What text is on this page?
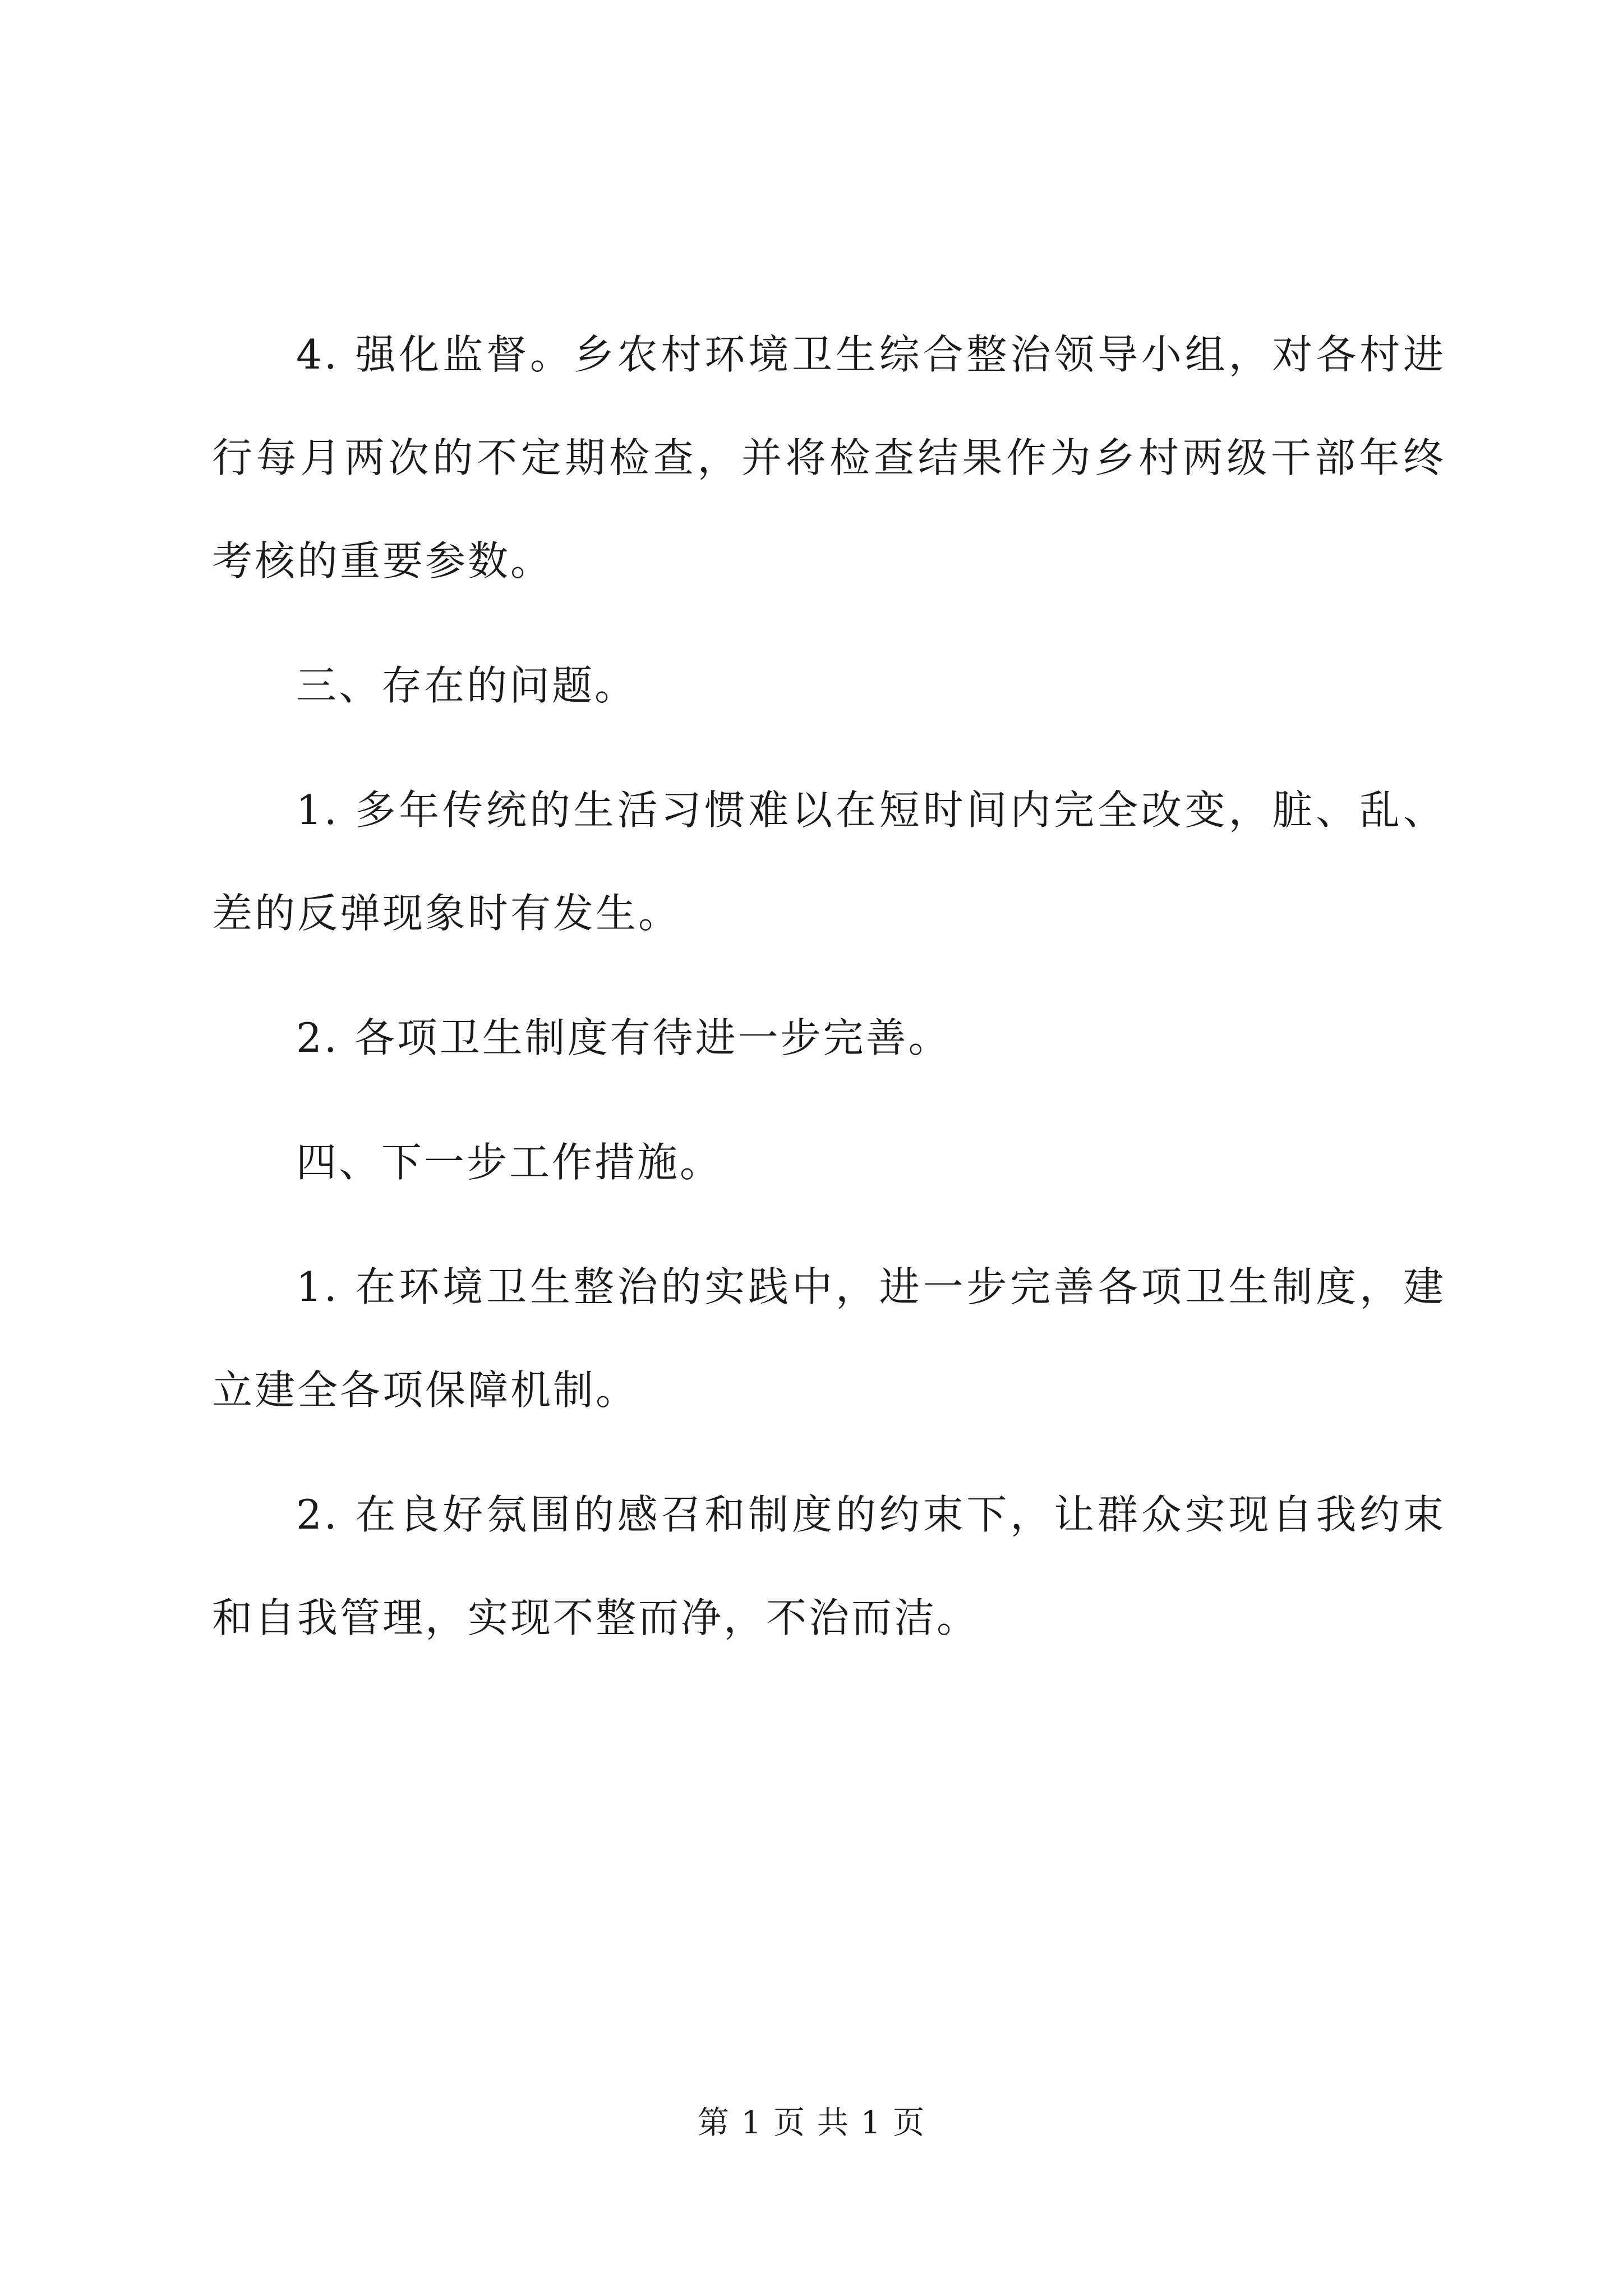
4. 强化监督。乡农村环境卫生综合整治领导小组，对各村进行每月两次的不定期检查，并将检查结果作为乡村两级干部年终考核的重要参数。

三、存在的问题。

1. 多年传统的生活习惯难以在短时间内完全改变，脏、乱、差的反弹现象时有发生。

2. 各项卫生制度有待进一步完善。

四、下一步工作措施。

1. 在环境卫生整治的实践中，进一步完善各项卫生制度，建立建全各项保障机制。

2. 在良好氛围的感召和制度的约束下，让群众实现自我约束和自我管理，实现不整而净，不治而洁。

第 1 页 共 1 页
